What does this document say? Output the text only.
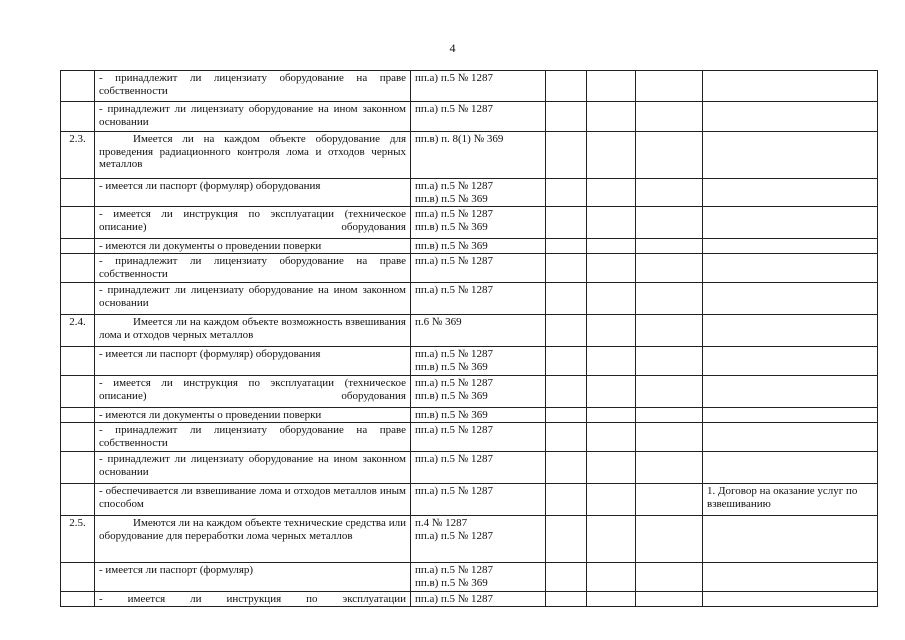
4
	- принадлежит ли лицензиату оборудование на праве собственности	пп.а) п.5 № 1287				

	- принадлежит ли лицензиату оборудование на ином законном основании	пп.а) п.5 № 1287				

2.3.	Имеется ли на каждом объекте оборудование для проведения радиационного контроля лома и отходов черных металлов	пп.в) п. 8(1) № 369				

	- имеется ли паспорт (формуляр) оборудования	пп.а) п.5 № 1287
пп.в) п.5 № 369				

	- имеется ли инструкция по эксплуатации (техническое описание) оборудования	пп.а) п.5 № 1287
пп.в) п.5 № 369				

	- имеются ли документы о проведении поверки	пп.в) п.5 № 369				

	- принадлежит ли лицензиату оборудование на праве собственности	пп.а) п.5 № 1287				

	- принадлежит ли лицензиату оборудование на ином законном основании	пп.а) п.5 № 1287				

2.4.	Имеется ли на каждом объекте возможность взвешивания лома и отходов черных металлов	п.6 № 369				

	- имеется ли паспорт (формуляр) оборудования	пп.а) п.5 № 1287
пп.в) п.5 № 369				

	- имеется ли инструкция по эксплуатации (техническое описание) оборудования	пп.а) п.5 № 1287
пп.в) п.5 № 369				

	- имеются ли документы о проведении поверки	пп.в) п.5 № 369				

	- принадлежит ли лицензиату оборудование на праве собственности	пп.а) п.5 № 1287				

	- принадлежит ли лицензиату оборудование на ином законном основании	пп.а) п.5 № 1287				

	- обеспечивается ли взвешивание лома и отходов металлов иным способом	пп.а) п.5 № 1287				1. Договор на оказание услуг по взвешиванию
2.5.	Имеются ли на каждом объекте технические средства или оборудование для переработки лома черных металлов	п.4 № 1287
пп.а) п.5 № 1287				

	- имеется ли паспорт (формуляр)	пп.а) п.5 № 1287
пп.в) п.5 № 369				

	- имеется ли инструкция по эксплуатации	пп.а) п.5 № 1287				
